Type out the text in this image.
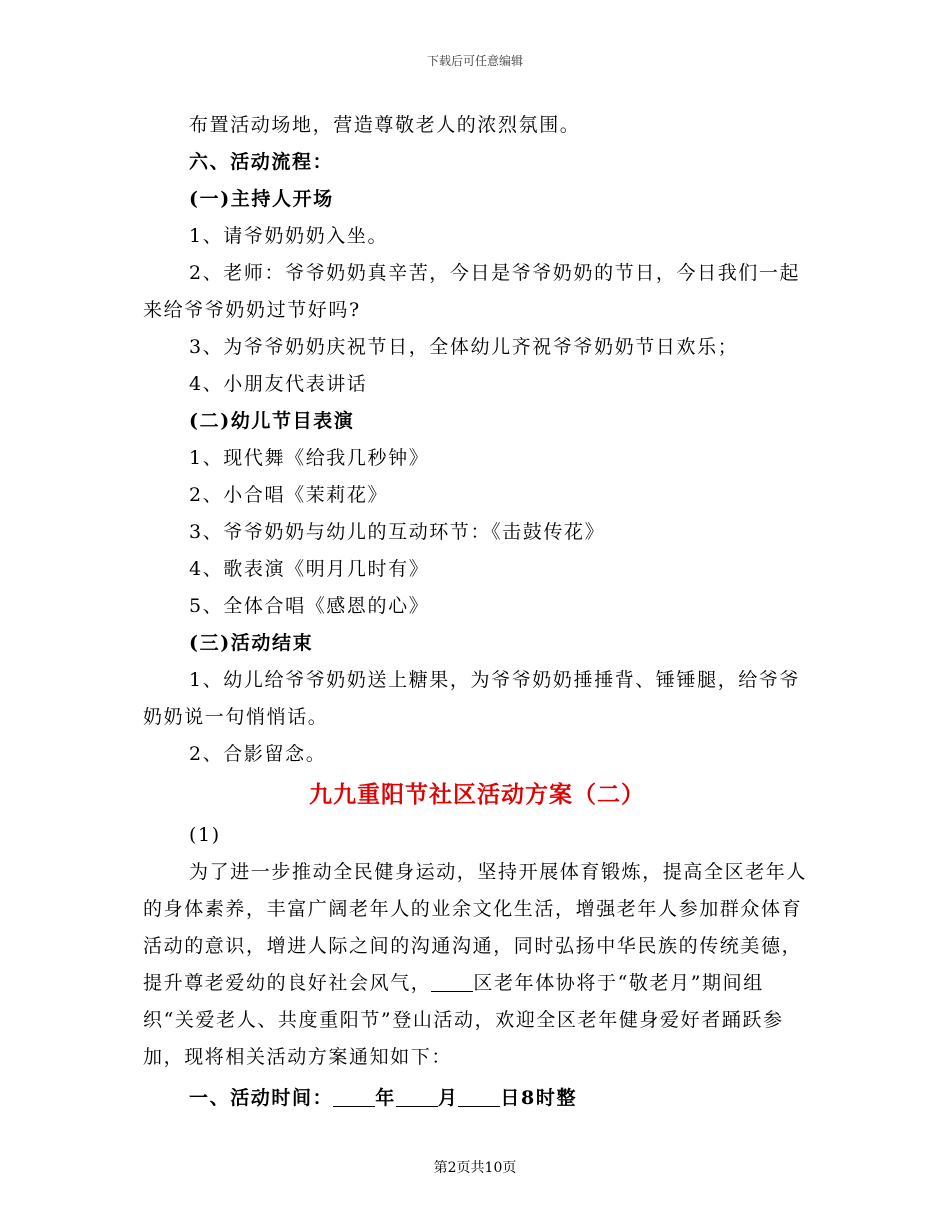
下载后可任意编辑

布置活动场地，营造尊敬老人的浓烈氛围。

六、活动流程：

(一)主持人开场

1、请爷奶奶奶入坐。

2、老师：爷爷奶奶真辛苦，今日是爷爷奶奶的节日，今日我们一起来给爷爷奶奶过节好吗?

3、为爷爷奶奶庆祝节日，全体幼儿齐祝爷爷奶奶节日欢乐；

4、小朋友代表讲话

(二)幼儿节目表演

1、现代舞《给我几秒钟》

2、小合唱《茉莉花》

3、爷爷奶奶与幼儿的互动环节：《击鼓传花》

4、歌表演《明月几时有》

5、全体合唱《感恩的心》

(三)活动结束

1、幼儿给爷爷奶奶送上糖果，为爷爷奶奶捶捶背、锤锤腿，给爷爷奶奶说一句悄悄话。

2、合影留念。

九九重阳节社区活动方案（二）

(1)

为了进一步推动全民健身运动，坚持开展体育锻炼，提高全区老年人的身体素养，丰富广阔老年人的业余文化生活，增强老年人参加群众体育活动的意识，增进人际之间的沟通沟通，同时弘扬中华民族的传统美德，提升尊老爱幼的良好社会风气， 区老年体协将于“敬老月”期间组织“关爱老人、共度重阳节”登山活动，欢迎全区老年健身爱好者踊跃参加，现将相关活动方案通知如下：

一、活动时间： 年 月 日8时整

第2页共10页
